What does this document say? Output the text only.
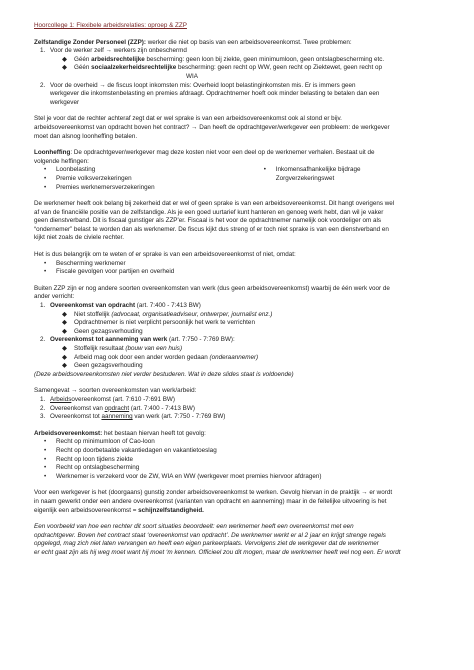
Hoorcollege 1: Flexibele arbeidsrelaties: oproep & ZZP

Zelfstandige Zonder Personeel (ZZP): werker die niet op basis van een arbeidsovereenkomst. Twee problemen:

1. Voor de werker zelf → werkers zijn onbeschermd
◆ Géén arbeidsrechtelijke bescherming: geen loon bij ziekte, geen minimumloon, geen ontslagbescherming etc.
◆ Géén sociaalzekerheidsrechtelijke bescherming: geen recht op WW, geen recht op Ziektewet, geen recht op
WIA
2. Voor de overheid → de fiscus loopt inkomsten mis: Overheid loopt belastinginkomsten mis. Er is immers geen
werkgever die inkomstenbelasting en premies afdraagt. Opdrachtnemer hoeft ook minder belasting te betalen dan een
werkgever

Stel je voor dat de rechter achteraf zegt dat er wel sprake is van een arbeidsovereenkomst ook al stond er bijv.

arbeidsovereenkomst van opdracht boven het contract? → Dan heeft de opdrachtgever/werkgever een probleem: de werkgever

moet dan alsnog loonheffing betalen.

Loonheffing: De opdrachtgever/werkgever mag deze kosten niet voor een deel op de werknemer verhalen. Bestaat uit de

volgende heffingen:

• Loonbelasting
• Premie volksverzekeringen
• Premies werknemersverzekeringen
• Inkomensafhankelijke bijdrage
Zorgverzekeringswet

De werknemer heeft ook belang bij zekerheid dat er wel of geen sprake is van een arbeidsovereenkomst. Dit hangt overigens wel

af van de financiële positie van de zelfstandige. Als je een goed uurtarief kunt hanteren en genoeg werk hebt, dan wil je vaker

geen dienstverband. Dit is fiscaal gunstiger als ZZP'er. Fiscaal is het voor de opdrachtnemer namelijk ook voordeliger om als

“ondernemer” belast te worden dan als werknemer. De fiscus kijkt dus streng of er toch niet sprake is van een dienstverband en

kijkt niet zoals de civiele rechter.

Het is dus belangrijk om te weten of er sprake is van een arbeidsovereenkomst of niet, omdat:

• Bescherming werknemer
• Fiscale gevolgen voor partijen en overheid

Buiten ZZP zijn er nog andere soorten overeenkomsten van werk (dus geen arbeidsovereenkomst) waarbij de één werk voor de

ander verricht:

1. Overeenkomst van opdracht (art. 7:400 - 7:413 BW)
◆ Niet stoffelijk (advocaat, organisatieadviseur, ontwerper, journalist enz.)
◆ Opdrachtnemer is niet verplicht persoonlijk het werk te verrichten
◆ Geen gezagsverhouding
2. Overeenkomst tot aanneming van werk (art. 7:750 - 7:769 BW):
◆ Stoffelijk resultaat (bouw van een huis)
◆ Arbeid mag ook door een ander worden gedaan (onderaannemer)
◆ Geen gezagsverhouding

(Deze arbeidsovereenkomsten niet verder bestuderen. Wat in deze slides staat is voldoende)

Samengevat → soorten overeenkomsten van werk/arbeid:

1. Arbeidsovereenkomst (art. 7:610 -7:691 BW)
2. Overeenkomst van opdracht (art. 7:400 - 7:413 BW)
3. Overeenkomst tot aanneming van werk (art. 7:750 - 7:769 BW)

Arbeidsovereenkomst: het bestaan hiervan heeft tot gevolg:

• Recht op minimumloon of Cao-loon
• Recht op doorbetaalde vakantiedagen en vakantietoeslag
• Recht op loon tijdens ziekte
• Recht op ontslagbescherming
• Werknemer is verzekerd voor de ZW, WIA en WW (werkgever moet premies hiervoor afdragen)

Voor een werkgever is het (doorgaans) gunstig zonder arbeidsovereenkomst te werken. Gevolg hiervan in de praktijk → er wordt

in naam gewerkt onder een andere overeenkomst (varianten van opdracht en aanneming) maar in de feitelijke uitvoering is het

eigenlijk een arbeidsovereenkomst = schijnzelfstandigheid.

Een voorbeeld van hoe een rechter dit soort situaties beoordeelt: een werknemer heeft een overeenkomst met een

opdrachtgever. Boven het contract staat ‘overeenkomst van opdracht’. De werknemer werkt er al 2 jaar en krijgt strenge regels

opgelegd, mag zich niet laten vervangen en heeft een eigen parkeerplaats. Vervolgens ziet de werkgever dat de werknemer

er echt gaat zijn als hij weg moet want hij moet ‘m kennen. Officieel zou dit mogen, maar de werknemer heeft wel nog een. Er wordt
